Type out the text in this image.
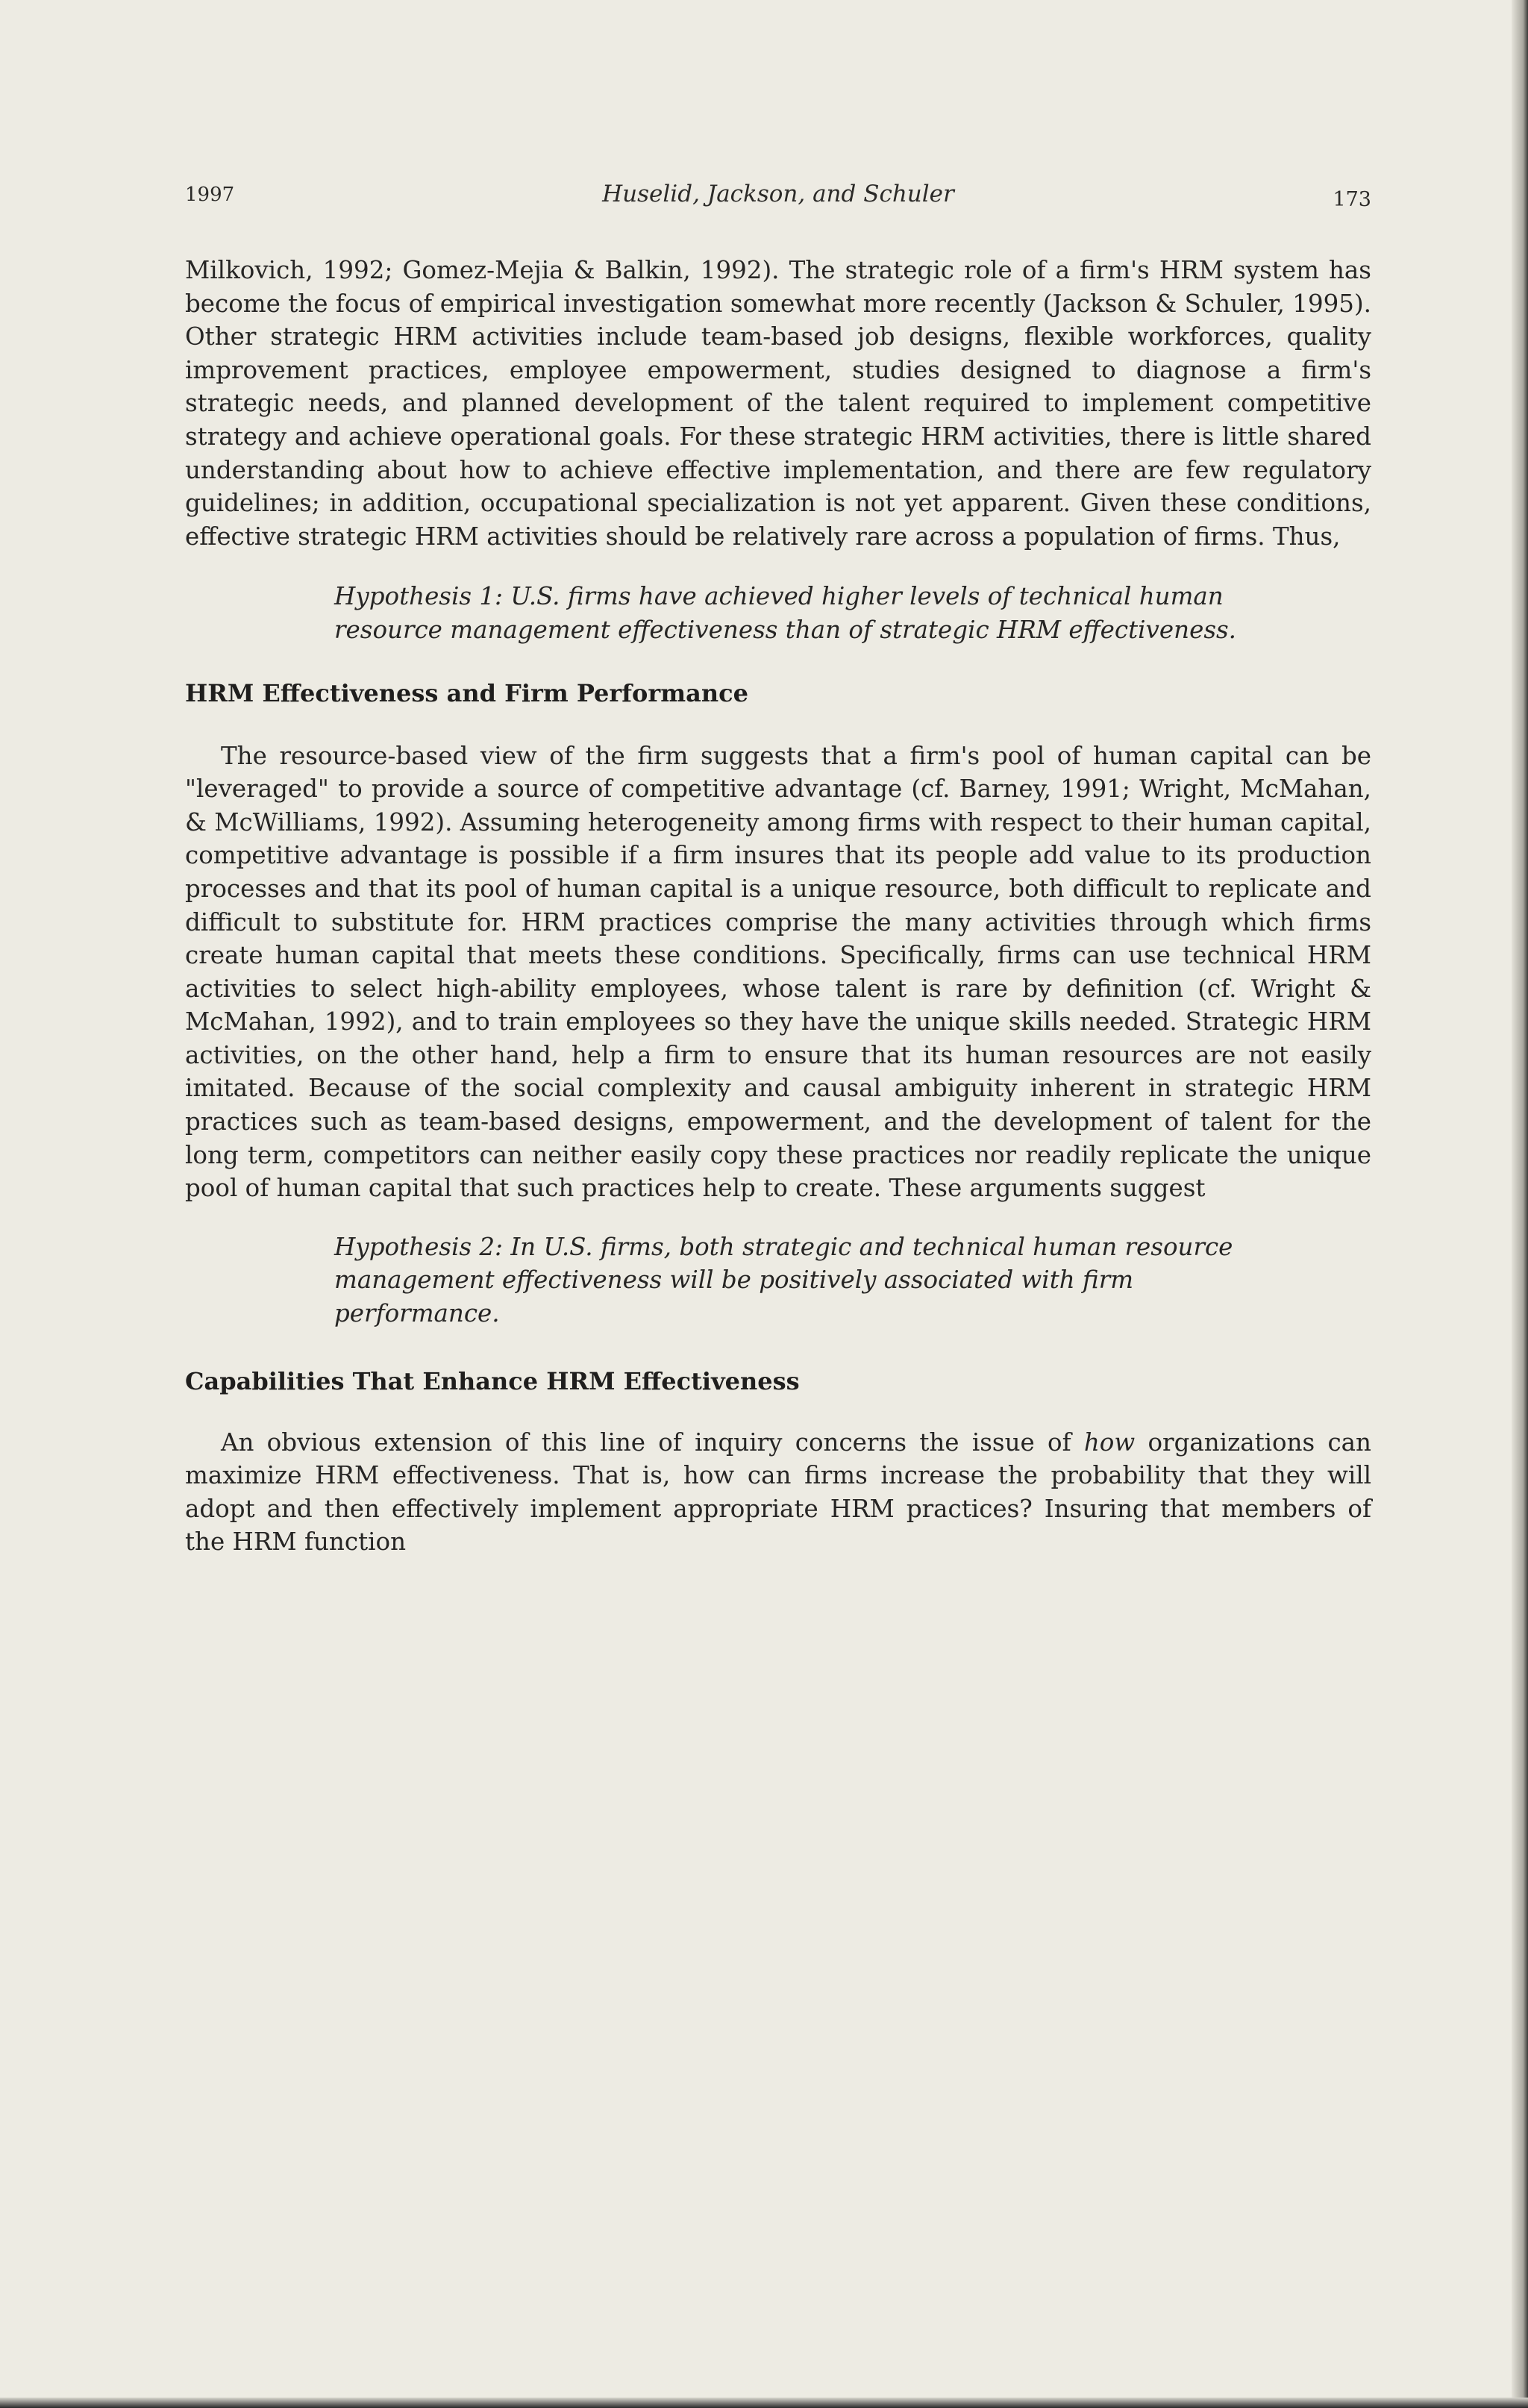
1997	Huselid, Jackson, and Schuler	173

Milkovich, 1992; Gomez-Mejia & Balkin, 1992). The strategic role of a firm's HRM system has become the focus of empirical investigation somewhat more recently (Jackson & Schuler, 1995). Other strategic HRM activities include team-based job designs, flexible workforces, quality improvement practices, employee empowerment, studies designed to diagnose a firm's strategic needs, and planned development of the talent required to implement competitive strategy and achieve operational goals. For these strategic HRM activities, there is little shared understanding about how to achieve effective implementation, and there are few regulatory guidelines; in addition, occupational specialization is not yet apparent. Given these conditions, effective strategic HRM activities should be relatively rare across a population of firms. Thus,

Hypothesis 1: U.S. firms have achieved higher levels of technical human resource management effectiveness than of strategic HRM effectiveness.

HRM Effectiveness and Firm Performance

The resource-based view of the firm suggests that a firm's pool of human capital can be "leveraged" to provide a source of competitive advantage (cf. Barney, 1991; Wright, McMahan, & McWilliams, 1992). Assuming heterogeneity among firms with respect to their human capital, competitive advantage is possible if a firm insures that its people add value to its production processes and that its pool of human capital is a unique resource, both difficult to replicate and difficult to substitute for. HRM practices comprise the many activities through which firms create human capital that meets these conditions. Specifically, firms can use technical HRM activities to select high-ability employees, whose talent is rare by definition (cf. Wright & McMahan, 1992), and to train employees so they have the unique skills needed. Strategic HRM activities, on the other hand, help a firm to ensure that its human resources are not easily imitated. Because of the social complexity and causal ambiguity inherent in strategic HRM practices such as team-based designs, empowerment, and the development of talent for the long term, competitors can neither easily copy these practices nor readily replicate the unique pool of human capital that such practices help to create. These arguments suggest

Hypothesis 2: In U.S. firms, both strategic and technical human resource management effectiveness will be positively associated with firm performance.

Capabilities That Enhance HRM Effectiveness

An obvious extension of this line of inquiry concerns the issue of how organizations can maximize HRM effectiveness. That is, how can firms increase the probability that they will adopt and then effectively implement appropriate HRM practices? Insuring that members of the HRM function
